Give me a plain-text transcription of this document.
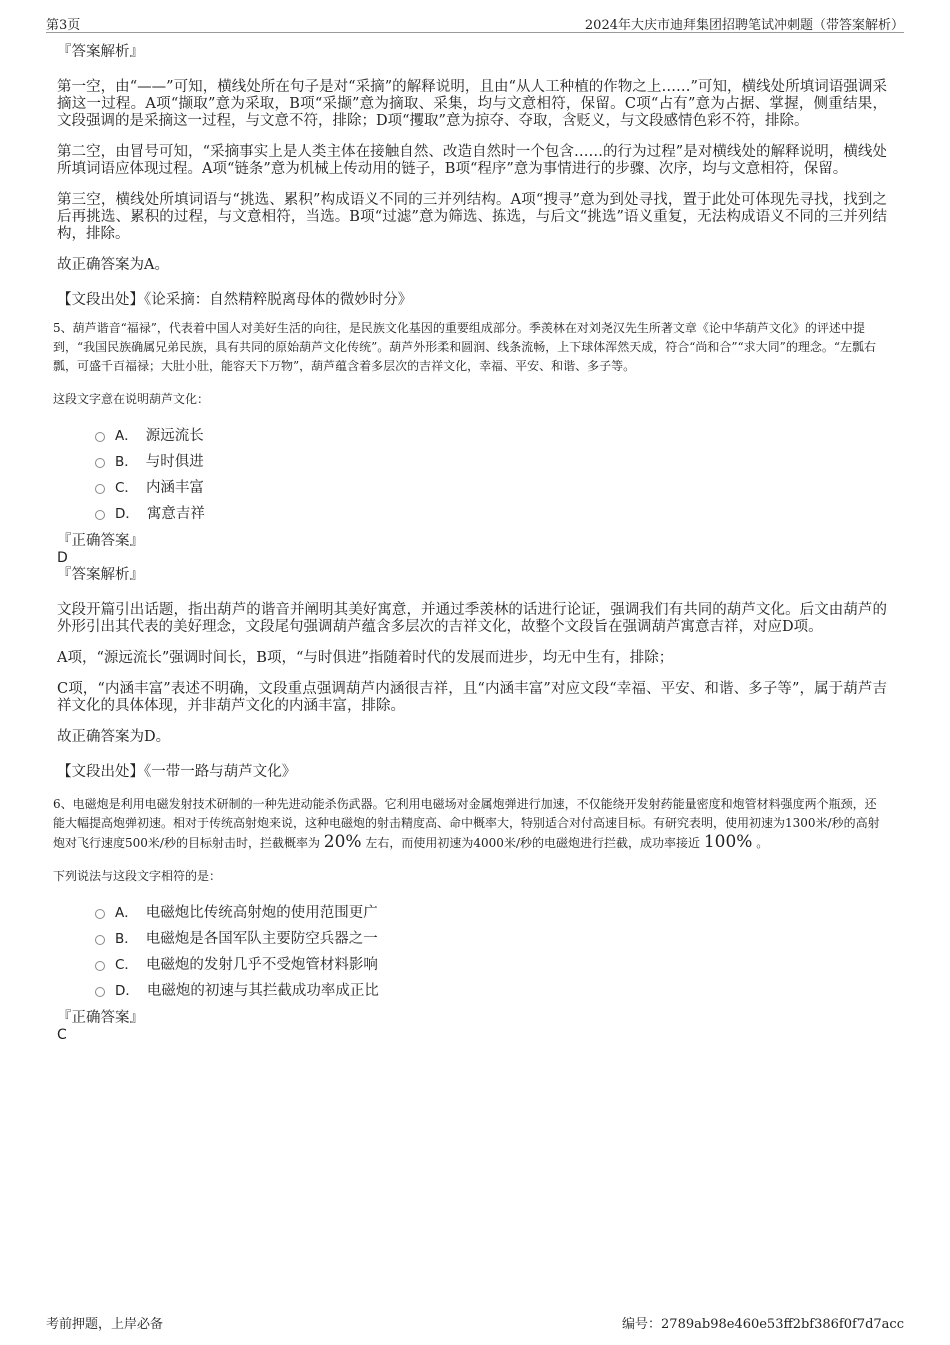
第3页	2024年大庆市迪拜集团招聘笔试冲刺题（带答案解析）

『答案解析』

第一空，由“——”可知，横线处所在句子是对“采摘”的解释说明，且由“从人工种植的作物之上……”可知，横线处所填词语强调采摘这一过程。A项“撷取”意为采取，B项“采撷”意为摘取、采集，均与文意相符，保留。C项“占有”意为占据、掌握，侧重结果，文段强调的是采摘这一过程，与文意不符，排除；D项“攫取”意为掠夺、夺取，含贬义，与文段感情色彩不符，排除。

第二空，由冒号可知，“采摘事实上是人类主体在接触自然、改造自然时一个包含……的行为过程”是对横线处的解释说明，横线处所填词语应体现过程。A项“链条”意为机械上传动用的链子，B项“程序”意为事情进行的步骤、次序，均与文意相符，保留。

第三空，横线处所填词语与“挑选、累积”构成语义不同的三并列结构。A项“搜寻”意为到处寻找，置于此处可体现先寻找，找到之后再挑选、累积的过程，与文意相符，当选。B项“过滤”意为筛选、拣选，与后文“挑选”语义重复，无法构成语义不同的三并列结构，排除。

故正确答案为A。

【文段出处】《论采摘：自然精粹脱离母体的微妙时分》

5、葫芦谐音“福禄”，代表着中国人对美好生活的向往，是民族文化基因的重要组成部分。季羡林在对刘尧汉先生所著文章《论中华葫芦文化》的评述中提到，“我国民族确属兄弟民族，具有共同的原始葫芦文化传统”。葫芦外形柔和圆润、线条流畅，上下球体浑然天成，符合“尚和合”“求大同”的理念。“左瓢右瓢，可盛千百福禄；大肚小肚，能容天下万物”，葫芦蕴含着多层次的吉祥文化，幸福、平安、和谐、多子等。

这段文字意在说明葫芦文化：

A． 源远流长
B． 与时俱进
C． 内涵丰富
D． 寓意吉祥

『正确答案』

D

『答案解析』

文段开篇引出话题，指出葫芦的谐音并阐明其美好寓意，并通过季羡林的话进行论证，强调我们有共同的葫芦文化。后文由葫芦的外形引出其代表的美好理念，文段尾句强调葫芦蕴含多层次的吉祥文化，故整个文段旨在强调葫芦寓意吉祥，对应D项。

A项，“源远流长”强调时间长，B项，“与时俱进”指随着时代的发展而进步，均无中生有，排除；

C项，“内涵丰富”表述不明确，文段重点强调葫芦内涵很吉祥，且“内涵丰富”对应文段“幸福、平安、和谐、多子等”，属于葫芦吉祥文化的具体体现，并非葫芦文化的内涵丰富，排除。

故正确答案为D。

【文段出处】《一带一路与葫芦文化》

6、电磁炮是利用电磁发射技术研制的一种先进动能杀伤武器。它利用电磁场对金属炮弹进行加速，不仅能绕开发射药能量密度和炮管材料强度两个瓶颈，还能大幅提高炮弹初速。相对于传统高射炮来说，这种电磁炮的射击精度高、命中概率大，特别适合对付高速目标。有研究表明，使用初速为1300米/秒的高射炮对飞行速度500米/秒的目标射击时，拦截概率为 20% 左右，而使用初速为4000米/秒的电磁炮进行拦截，成功率接近 100% 。

下列说法与这段文字相符的是：

A． 电磁炮比传统高射炮的使用范围更广
B． 电磁炮是各国军队主要防空兵器之一
C． 电磁炮的发射几乎不受炮管材料影响
D． 电磁炮的初速与其拦截成功率成正比

『正确答案』

C

考前押题，上岸必备	编号：2789ab98e460e53ff2bf386f0f7d7acc
